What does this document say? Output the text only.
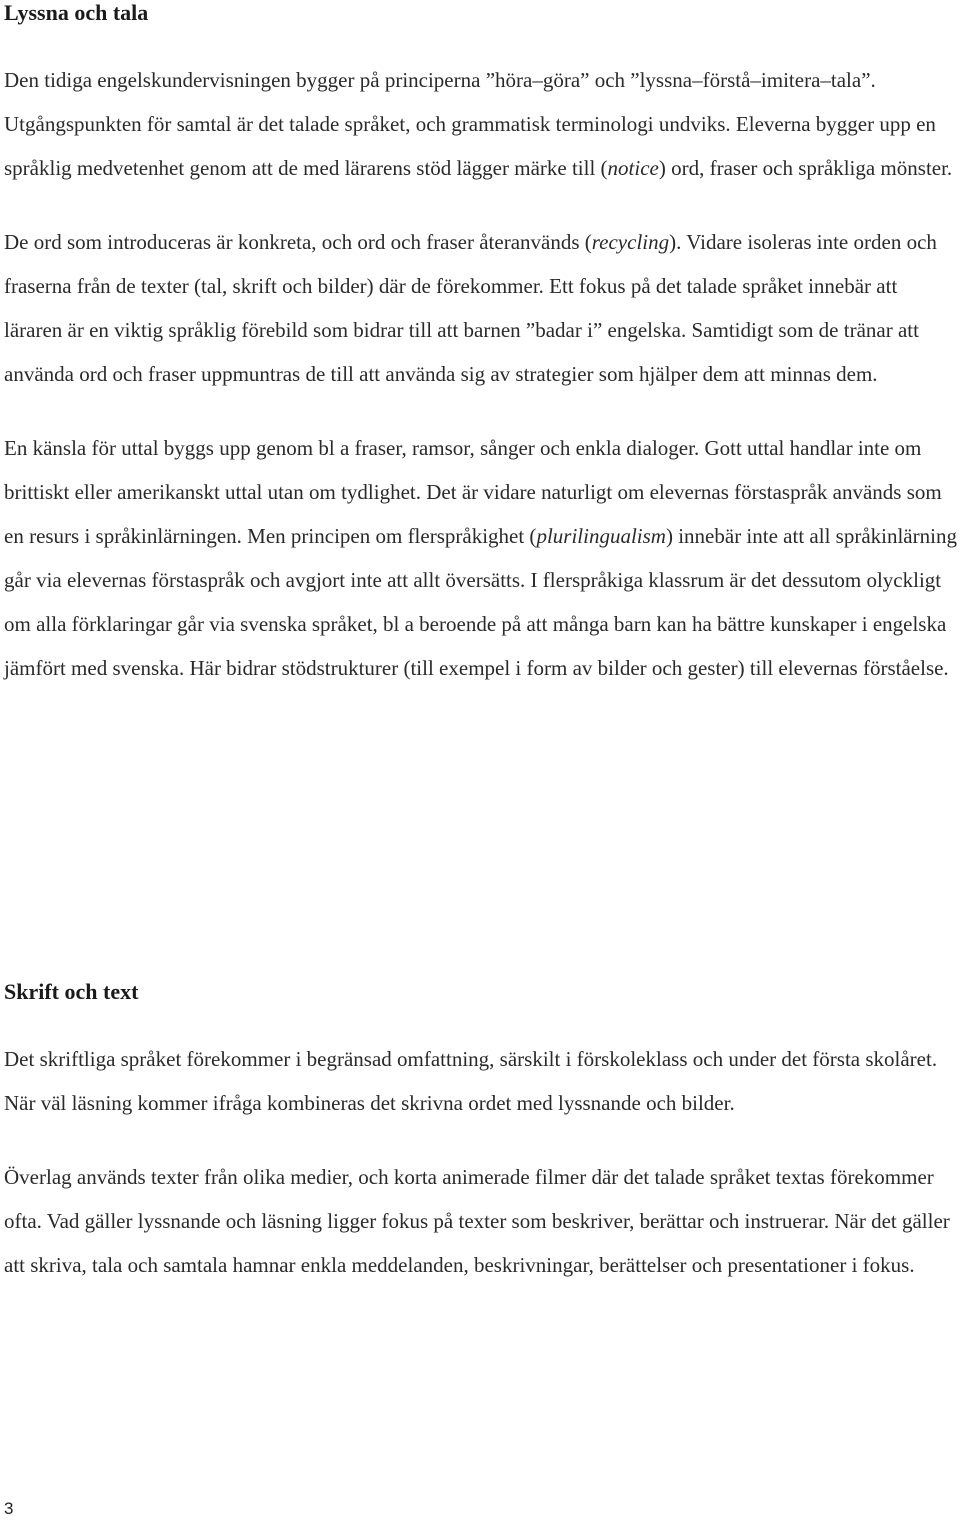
Lyssna och tala

Den tidiga engelskundervisningen bygger på principerna ”höra–göra” och ”lyssna–förstå–imitera–tala”. Utgångspunkten för samtal är det talade språket, och grammatisk terminologi undviks. Eleverna bygger upp en språklig medvetenhet genom att de med lärarens stöd lägger märke till (notice) ord, fraser och språkliga mönster.

De ord som introduceras är konkreta, och ord och fraser återanvänds (recycling). Vidare isoleras inte orden och fraserna från de texter (tal, skrift och bilder) där de förekommer. Ett fokus på det talade språket innebär att läraren är en viktig språklig förebild som bidrar till att barnen ”badar i” engelska. Samtidigt som de tränar att använda ord och fraser uppmuntras de till att använda sig av strategier som hjälper dem att minnas dem.

En känsla för uttal byggs upp genom bl a fraser, ramsor, sånger och enkla dialoger. Gott uttal handlar inte om brittiskt eller amerikanskt uttal utan om tydlighet. Det är vidare naturligt om elevernas förstaspråk används som en resurs i språkinlärningen. Men principen om flerspråkighet (plurilingualism) innebär inte att all språkinlärning går via elevernas förstaspråk och avgjort inte att allt översätts. I flerspråkiga klassrum är det dessutom olyckligt om alla förklaringar går via svenska språket, bl a beroende på att många barn kan ha bättre kunskaper i engelska jämfört med svenska. Här bidrar stödstrukturer (till exempel i form av bilder och gester) till elevernas förståelse.

Skrift och text

Det skriftliga språket förekommer i begränsad omfattning, särskilt i förskoleklass och under det första skolåret. När väl läsning kommer ifråga kombineras det skrivna ordet med lyssnande och bilder.

Överlag används texter från olika medier, och korta animerade filmer där det talade språket textas förekommer ofta. Vad gäller lyssnande och läsning ligger fokus på texter som beskriver, berättar och instruerar. När det gäller att skriva, tala och samtala hamnar enkla meddelanden, beskrivningar, berättelser och presentationer i fokus.

3
